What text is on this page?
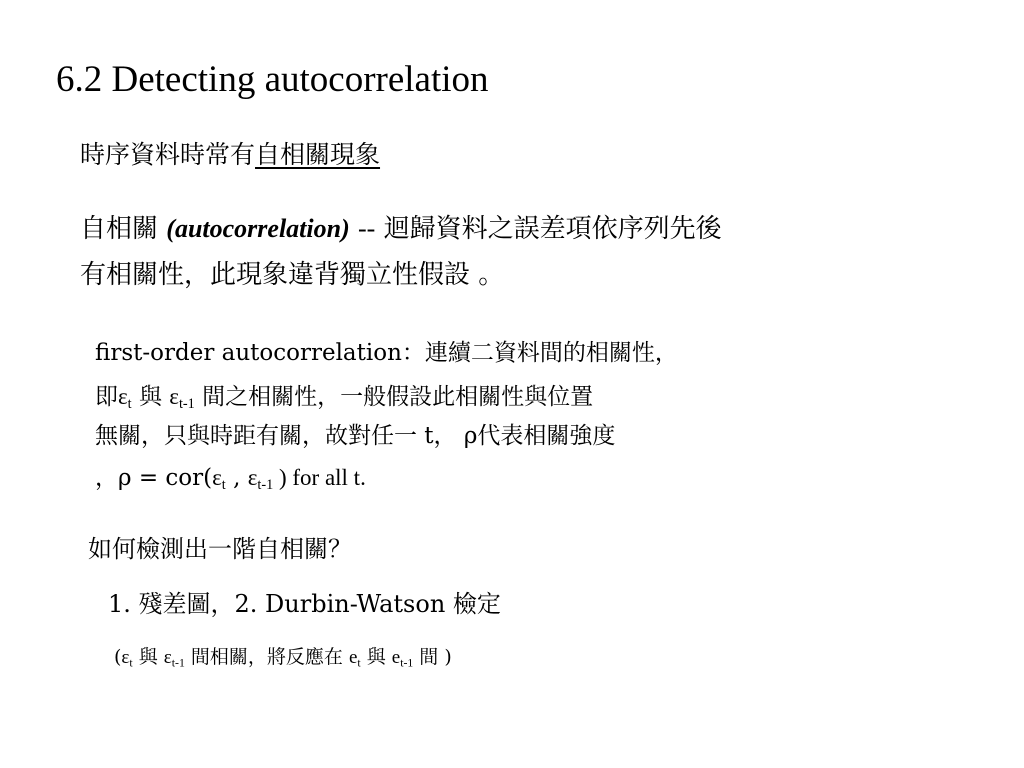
6.2 Detecting autocorrelation
時序資料時常有自相關現象
自相關 (autocorrelation) -- 迴歸資料之誤差項依序列先後
有相關性，此現象違背獨立性假設 。
first-order autocorrelation：連續二資料間的相關性，
即$\varepsilon_t$ 與 $\varepsilon_{t-1}$ 間之相關性，一般假設此相關性與位置
無關，只與時距有關，故對任一 t， ρ代表相關強度
，$\rho = cor(\varepsilon_t$ , $\varepsilon_{t-1}$ ) for all t.
如何檢測出一階自相關？
1. 殘差圖，2. Durbin-Watson 檢定
($\varepsilon_t$ 與 $\varepsilon_{t-1}$ 間相關，將反應在 $e_t$ 與 $e_{t-1}$ 間 )
